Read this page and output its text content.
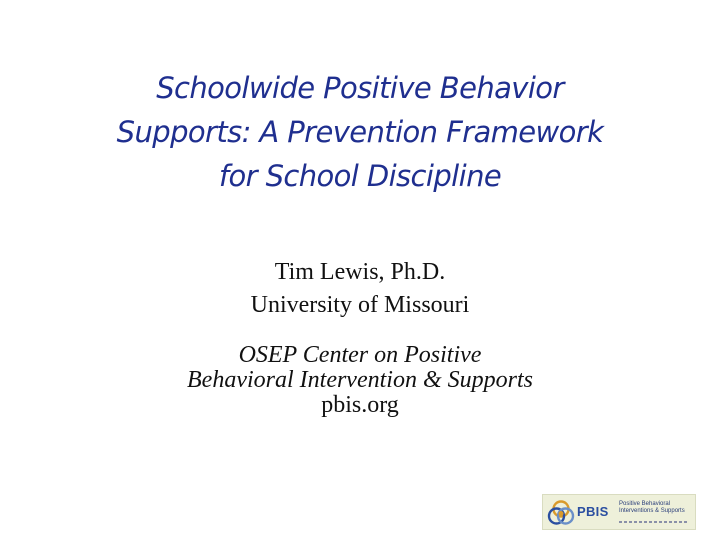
Schoolwide Positive Behavior
Supports: A Prevention Framework
for School Discipline
Tim Lewis, Ph.D.
University of Missouri
OSEP Center on Positive
Behavioral Intervention & Supports
pbis.org
PBIS Positive Behavioral
Interventions & Supports
